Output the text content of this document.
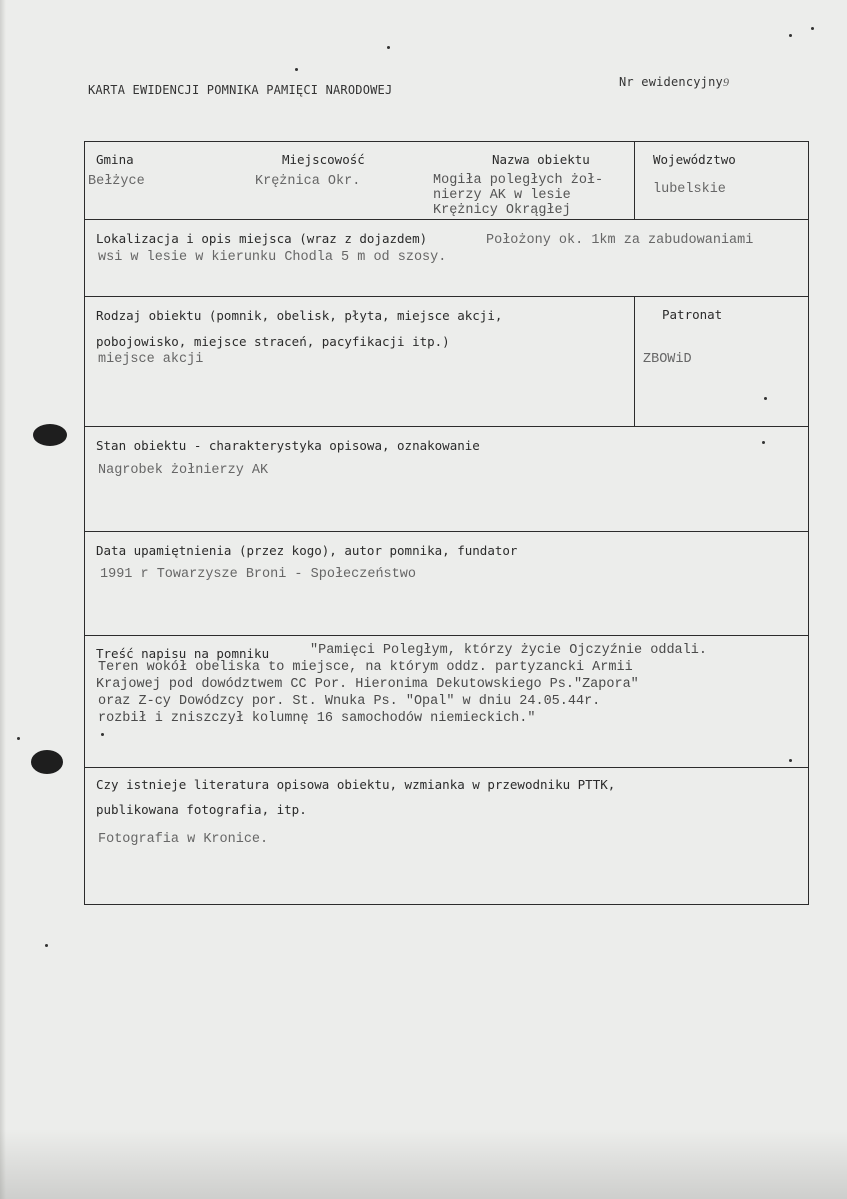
KARTA EWIDENCJI POMNIKA PAMIĘCI NARODOWEJ
Nr ewidencyjny9
Gmina
Bełżyce
Miejscowość
Krężnica Okr.
Nazwa obiektu
Mogiła poległych żoł-
nierzy AK w lesie
Krężnicy Okrągłej
Województwo
lubelskie
Lokalizacja i opis miejsca (wraz z dojazdem)	Położony ok. 1km za zabudowaniami
wsi w lesie w kierunku Chodla 5 m od szosy.
Rodzaj obiektu (pomnik, obelisk, płyta, miejsce akcji,
pobojowisko, miejsce straceń, pacyfikacji itp.)
miejsce akcji
Patronat
ZBOWiD
Stan obiektu - charakterystyka opisowa, oznakowanie
Nagrobek żołnierzy AK
Data upamiętnienia (przez kogo), autor pomnika, fundator
1991 r Towarzysze Broni - Społeczeństwo
Treść napisu na pomniku	"Pamięci Poległym, którzy życie Ojczyźnie oddali.
Teren wokół obeliska to miejsce, na którym oddz. partyzancki Armii
Krajowej pod dowództwem CC Por. Hieronima Dekutowskiego Ps."Zapora"
oraz Z-cy Dowódzcy por. St. Wnuka Ps. "Opal" w dniu 24.05.44r.
rozbił i zniszczył kolumnę 16 samochodów niemieckich."
Czy istnieje literatura opisowa obiektu, wzmianka w przewodniku PTTK,
publikowana fotografia, itp.
Fotografia w Kronice.
